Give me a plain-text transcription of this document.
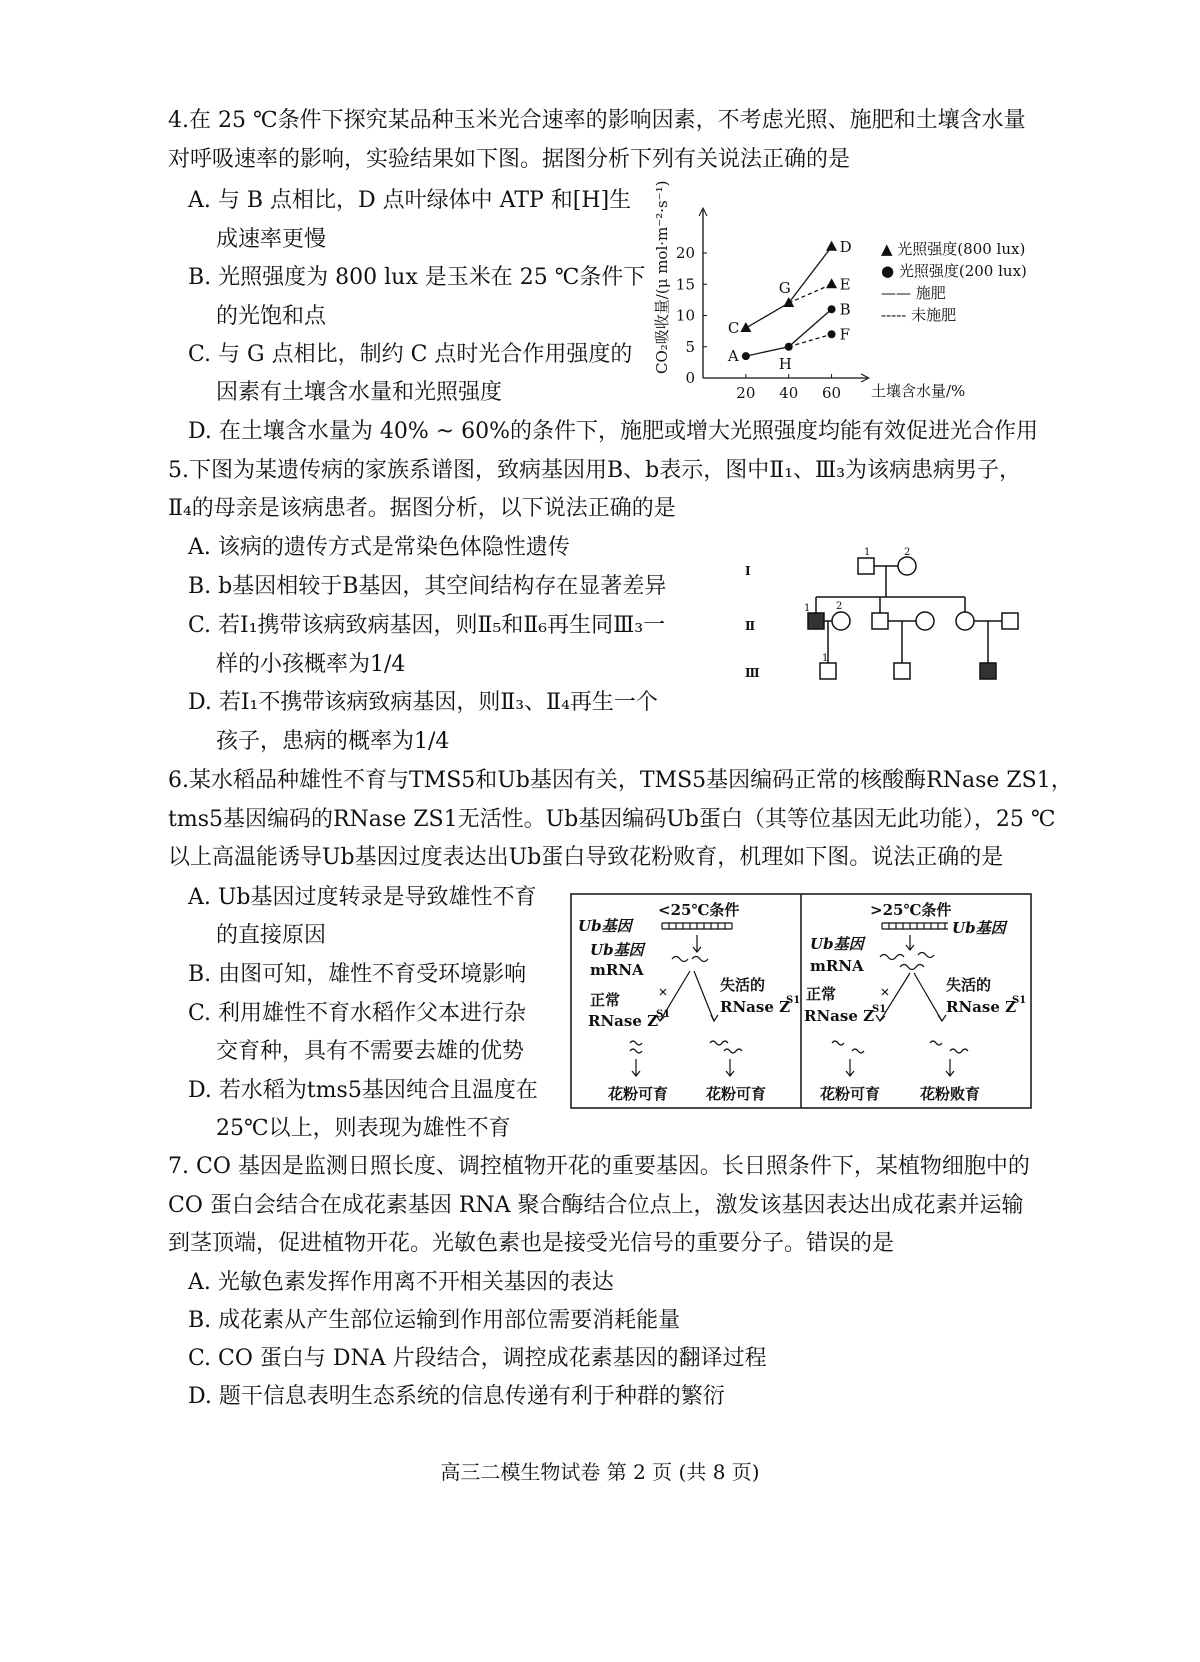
4.在 25 ℃条件下探究某品种玉米光合速率的影响因素，不考虑光照、施肥和土壤含水量
对呼吸速率的影响，实验结果如下图。据图分析下列有关说法正确的是
A. 与 B 点相比，D 点叶绿体中 ATP 和[H]生
成速率更慢
B. 光照强度为 800 lux 是玉米在 25 ℃条件下
的光饱和点
C. 与 G 点相比，制约 C 点时光合作用强度的
因素有土壤含水量和光照强度
D. 在土壤含水量为 40% ~ 60%的条件下，施肥或增大光照强度均能有效促进光合作用
0
5
10
15
20
20 40 60 土壤含水量/%
CO₂吸收量/(μ mol·m⁻²·s⁻¹)	C
G
D
E
A	H
B
F
▲ 光照强度(800 lux)
● 光照强度(200 lux)
—— 施肥
----- 未施肥
5.下图为某遗传病的家族系谱图，致病基因用B、b表示，图中Ⅱ₁、Ⅲ₃为该病患病男子，
Ⅱ₄的母亲是该病患者。据图分析，以下说法正确的是
A. 该病的遗传方式是常染色体隐性遗传
B. b基因相较于B基因，其空间结构存在显著差异
C. 若Ⅰ₁携带该病致病基因，则Ⅱ₅和Ⅱ₆再生同Ⅲ₃一
样的小孩概率为1/4
D. 若Ⅰ₁不携带该病致病基因，则Ⅱ₃、Ⅱ₄再生一个
孩子，患病的概率为1/4
Ⅰ
Ⅱ
Ⅲ
1	2
1	2
1
6.某水稻品种雄性不育与TMS5和Ub基因有关，TMS5基因编码正常的核酸酶RNase ZS1，
tms5基因编码的RNase ZS1无活性。Ub基因编码Ub蛋白（其等位基因无此功能），25 ℃
以上高温能诱导Ub基因过度表达出Ub蛋白导致花粉败育，机理如下图。说法正确的是
A. Ub基因过度转录是导致雄性不育
的直接原因
B. 由图可知，雄性不育受环境影响
C. 利用雄性不育水稻作父本进行杂
交育种，具有不需要去雄的优势
D. 若水稻为tms5基因纯合且温度在
25℃以上，则表现为雄性不育
<25℃条件
Ub基因
Ub基因
mRNA
正常
RNase Z
S1
失活的
RNase Z
S1
花粉可育	花粉可育
>25℃条件
Ub基因
Ub基因
mRNA
正常
RNase Z
S1
失活的
RNase Z
S1
花粉可育	花粉败育
7. CO 基因是监测日照长度、调控植物开花的重要基因。长日照条件下，某植物细胞中的
CO 蛋白会结合在成花素基因 RNA 聚合酶结合位点上，激发该基因表达出成花素并运输
到茎顶端，促进植物开花。光敏色素也是接受光信号的重要分子。错误的是
A. 光敏色素发挥作用离不开相关基因的表达
B. 成花素从产生部位运输到作用部位需要消耗能量
C. CO 蛋白与 DNA 片段结合，调控成花素基因的翻译过程
D. 题干信息表明生态系统的信息传递有利于种群的繁衍
高三二模生物试卷 第 2 页 (共 8 页)
